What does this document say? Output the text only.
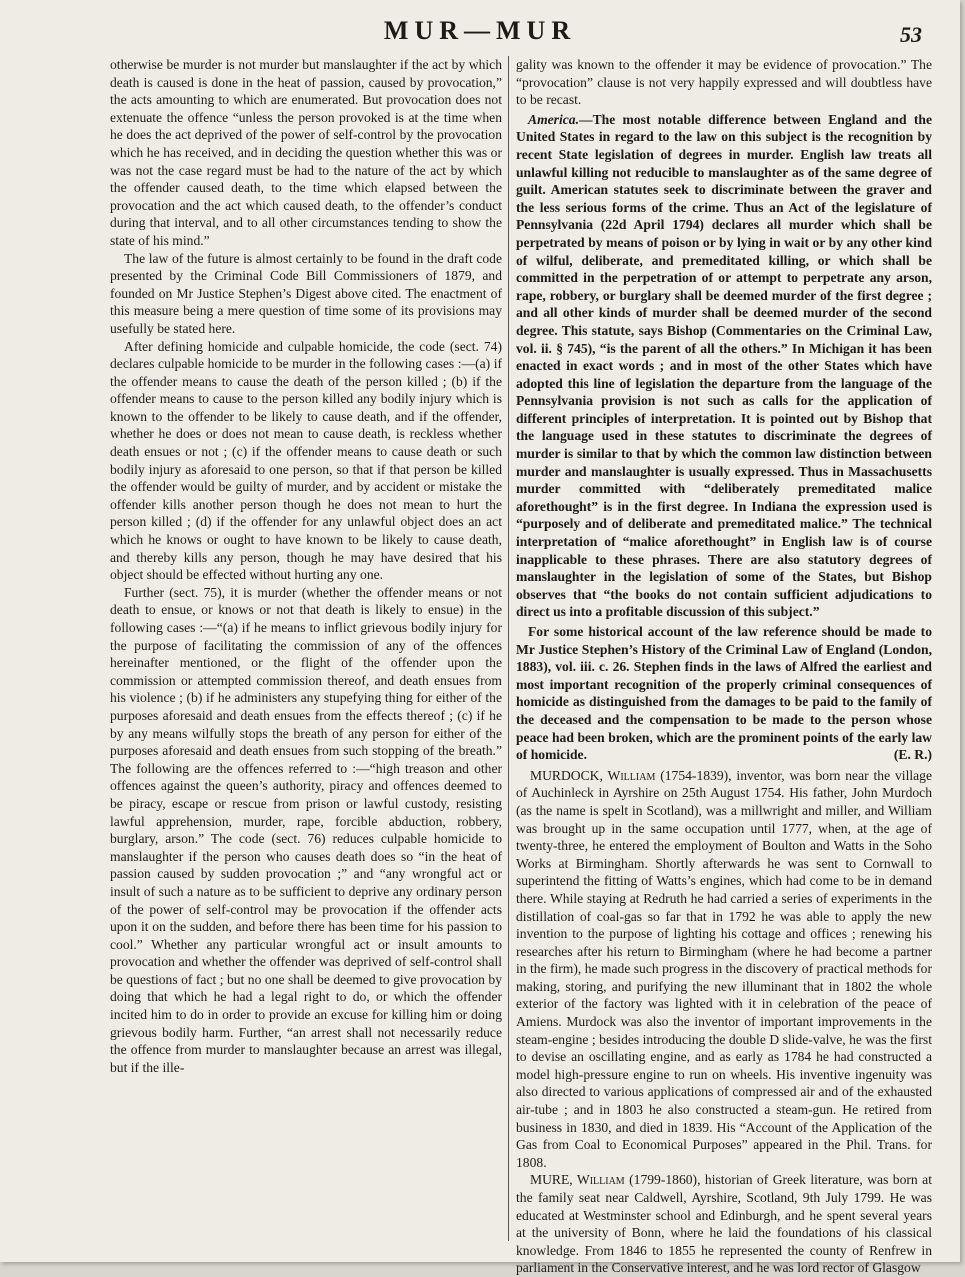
MUR—MUR	53

otherwise be murder is not murder but manslaughter if the act by which death is caused is done in the heat of passion, caused by provocation,” the acts amounting to which are enumerated. But provocation does not extenuate the offence “unless the person provoked is at the time when he does the act deprived of the power of self-control by the provocation which he has received, and in deciding the question whether this was or was not the case regard must be had to the nature of the act by which the offender caused death, to the time which elapsed between the provocation and the act which caused death, to the offender’s conduct during that interval, and to all other circumstances tending to show the state of his mind.”

The law of the future is almost certainly to be found in the draft code presented by the Criminal Code Bill Commissioners of 1879, and founded on Mr Justice Stephen’s Digest above cited. The enactment of this measure being a mere question of time some of its provisions may usefully be stated here.

After defining homicide and culpable homicide, the code (sect. 74) declares culpable homicide to be murder in the following cases :—(a) if the offender means to cause the death of the person killed ; (b) if the offender means to cause to the person killed any bodily injury which is known to the offender to be likely to cause death, and if the offender, whether he does or does not mean to cause death, is reckless whether death ensues or not ; (c) if the offender means to cause death or such bodily injury as aforesaid to one person, so that if that person be killed the offender would be guilty of murder, and by accident or mistake the offender kills another person though he does not mean to hurt the person killed ; (d) if the offender for any unlawful object does an act which he knows or ought to have known to be likely to cause death, and thereby kills any person, though he may have desired that his object should be effected without hurting any one.

Further (sect. 75), it is murder (whether the offender means or not death to ensue, or knows or not that death is likely to ensue) in the following cases :—“(a) if he means to inflict grievous bodily injury for the purpose of facilitating the commission of any of the offences hereinafter mentioned, or the flight of the offender upon the commission or attempted commission thereof, and death ensues from his violence ; (b) if he administers any stupefying thing for either of the purposes aforesaid and death ensues from the effects thereof ; (c) if he by any means wilfully stops the breath of any person for either of the purposes aforesaid and death ensues from such stopping of the breath.” The following are the offences referred to :—“high treason and other offences against the queen’s authority, piracy and offences deemed to be piracy, escape or rescue from prison or lawful custody, resisting lawful apprehension, murder, rape, forcible abduction, robbery, burglary, arson.” The code (sect. 76) reduces culpable homicide to manslaughter if the person who causes death does so “in the heat of passion caused by sudden provocation ;” and “any wrongful act or insult of such a nature as to be sufficient to deprive any ordinary person of the power of self-control may be provocation if the offender acts upon it on the sudden, and before there has been time for his passion to cool.” Whether any particular wrongful act or insult amounts to provocation and whether the offender was deprived of self-control shall be questions of fact ; but no one shall be deemed to give provocation by doing that which he had a legal right to do, or which the offender incited him to do in order to provide an excuse for killing him or doing grievous bodily harm. Further, “an arrest shall not necessarily reduce the offence from murder to manslaughter because an arrest was illegal, but if the ille-

gality was known to the offender it may be evidence of provocation.” The “provocation” clause is not very happily expressed and will doubtless have to be recast.

America.—The most notable difference between England and the United States in regard to the law on this subject is the recognition by recent State legislation of degrees in murder. English law treats all unlawful killing not reducible to manslaughter as of the same degree of guilt. American statutes seek to discriminate between the graver and the less serious forms of the crime. Thus an Act of the legislature of Pennsylvania (22d April 1794) declares all murder which shall be perpetrated by means of poison or by lying in wait or by any other kind of wilful, deliberate, and premeditated killing, or which shall be committed in the perpetration of or attempt to perpetrate any arson, rape, robbery, or burglary shall be deemed murder of the first degree ; and all other kinds of murder shall be deemed murder of the second degree. This statute, says Bishop (Commentaries on the Criminal Law, vol. ii. § 745), “is the parent of all the others.” In Michigan it has been enacted in exact words ; and in most of the other States which have adopted this line of legislation the departure from the language of the Pennsylvania provision is not such as calls for the application of different principles of interpretation. It is pointed out by Bishop that the language used in these statutes to discriminate the degrees of murder is similar to that by which the common law distinction between murder and manslaughter is usually expressed. Thus in Massachusetts murder committed with “deliberately premeditated malice aforethought” is in the first degree. In Indiana the expression used is “purposely and of deliberate and premeditated malice.” The technical interpretation of “malice aforethought” in English law is of course inapplicable to these phrases. There are also statutory degrees of manslaughter in the legislation of some of the States, but Bishop observes that “the books do not contain sufficient adjudications to direct us into a profitable discussion of this subject.”

For some historical account of the law reference should be made to Mr Justice Stephen’s History of the Criminal Law of England (London, 1883), vol. iii. c. 26. Stephen finds in the laws of Alfred the earliest and most important recognition of the properly criminal consequences of homicide as distinguished from the damages to be paid to the family of the deceased and the compensation to be made to the person whose peace had been broken, which are the prominent points of the early law of homicide.	(E. R.)

MURDOCK, William (1754-1839), inventor, was born near the village of Auchinleck in Ayrshire on 25th August 1754. His father, John Murdoch (as the name is spelt in Scotland), was a millwright and miller, and William was brought up in the same occupation until 1777, when, at the age of twenty-three, he entered the employment of Boulton and Watts in the Soho Works at Birmingham. Shortly afterwards he was sent to Cornwall to superintend the fitting of Watts’s engines, which had come to be in demand there. While staying at Redruth he had carried a series of experiments in the distillation of coal-gas so far that in 1792 he was able to apply the new invention to the purpose of lighting his cottage and offices ; renewing his researches after his return to Birmingham (where he had become a partner in the firm), he made such progress in the discovery of practical methods for making, storing, and purifying the new illuminant that in 1802 the whole exterior of the factory was lighted with it in celebration of the peace of Amiens. Murdock was also the inventor of important improvements in the steam-engine ; besides introducing the double D slide-valve, he was the first to devise an oscillating engine, and as early as 1784 he had constructed a model high-pressure engine to run on wheels. His inventive ingenuity was also directed to various applications of compressed air and of the exhausted air-tube ; and in 1803 he also constructed a steam-gun. He retired from business in 1830, and died in 1839. His “Account of the Application of the Gas from Coal to Economical Purposes” appeared in the Phil. Trans. for 1808.

MURE, William (1799-1860), historian of Greek literature, was born at the family seat near Caldwell, Ayrshire, Scotland, 9th July 1799. He was educated at Westminster school and Edinburgh, and he spent several years at the university of Bonn, where he laid the foundations of his classical knowledge. From 1846 to 1855 he represented the county of Renfrew in parliament in the Conservative interest, and he was lord rector of Glasgow
